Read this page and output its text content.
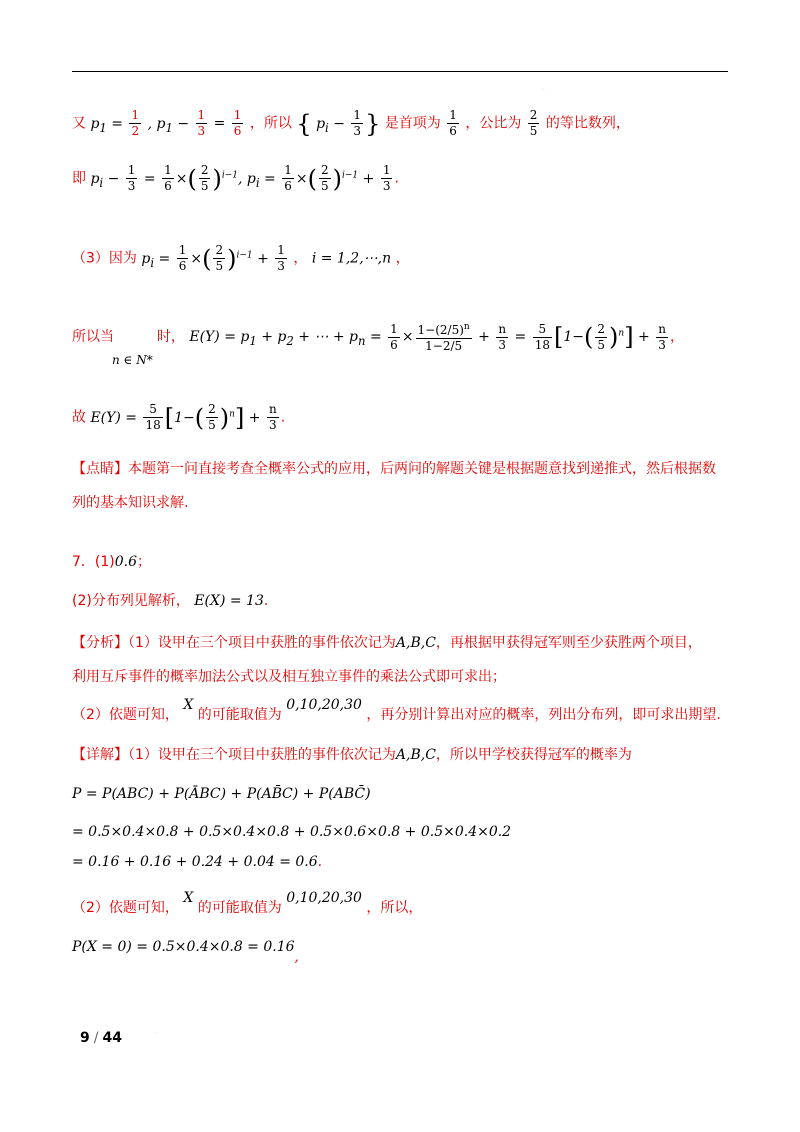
·
又 $p_1 = \frac{1}{2}$ , $p_1 - \frac{1}{3} = \frac{1}{6}$ ，所以 { $p_i - \frac{1}{3}$ } 是首项为 $\frac{1}{6}$ ，公比为 $\frac{2}{5}$ 的等比数列，
即 $p_i - \frac{1}{3} = \frac{1}{6}$ ×( $\frac{2}{5} )^{i-1}$, $p_i = \frac{1}{6}$ ×( $\frac{2}{5} )^{i-1} + \frac{1}{3}$ .
（3）因为 $p_i = \frac{1}{6}$ ×( $\frac{2}{5} )^{i-1} + \frac{1}{3}$ ， i = 1,2,⋯,n ，
所以当	时， $E(Y) = p_1 + p_2$ + ⋯ + $p_n = \frac{1}{6} \times \frac{1-(2/5)^n}{1-2/5} + \frac{n}{3} = \frac{5}{18} [1-( \frac{2}{5} )^n] + \frac{n}{3}$ ，
n ∈ N*
故 $E(Y) = \frac{5}{18} [1-( \frac{2}{5} )^n] + \frac{n}{3}$ .
【点睛】本题第一问直接考查全概率公式的应用，后两问的解题关键是根据题意找到递推式，然后根据数
列的基本知识求解.
7．(1)0.6；
(2)分布列见解析， E(X) = 13.
【分析】（1）设甲在三个项目中获胜的事件依次记为A,B,C，再根据甲获得冠军则至少获胜两个项目，
利用互斥事件的概率加法公式以及相互独立事件的乘法公式即可求出；
（2）依题可知， X 的可能取值为 0,10,20,30 ，再分别计算出对应的概率，列出分布列，即可求出期望.
【详解】（1）设甲在三个项目中获胜的事件依次记为A,B,C，所以甲学校获得冠军的概率为
P = P(ABC) + P(ĀBC) + P(AB̄C) + P(ABC̄)
= 0.5×0.4×0.8 + 0.5×0.4×0.8 + 0.5×0.6×0.8 + 0.5×0.4×0.2
= 0.16 + 0.16 + 0.24 + 0.04 = 0.6.
（2）依题可知， X 的可能取值为 0,10,20,30 ，所以，
P(X = 0) = 0.5×0.4×0.8 = 0.16,
9 / 44	·
